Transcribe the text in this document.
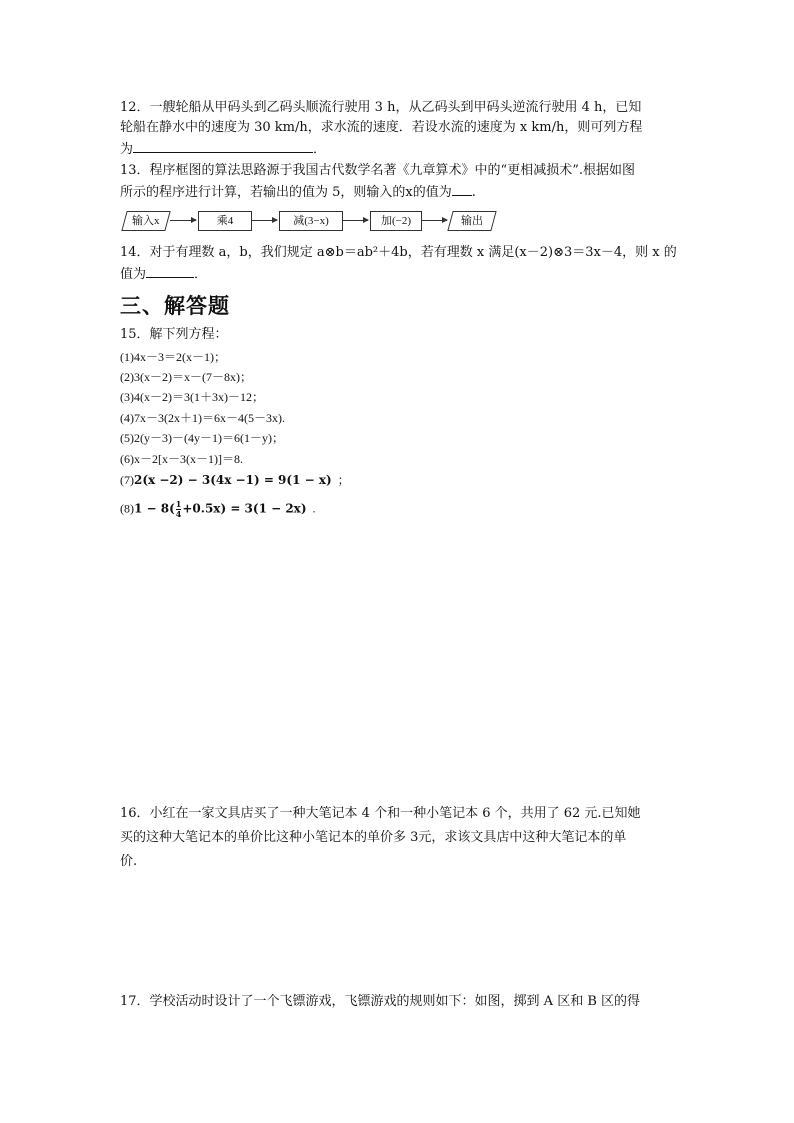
12．一艘轮船从甲码头到乙码头顺流行驶用 3 h，从乙码头到甲码头逆流行驶用 4 h，已知
轮船在静水中的速度为 30 km/h，求水流的速度．若设水流的速度为 x km/h，则可列方程
为	．
13．程序框图的算法思路源于我国古代数学名著《九章算术》中的“更相减损术”.根据如图
所示的程序进行计算，若输出的值为 5，则输入的x的值为 .
输入x	乘4	减(3−x)	加(−2)	输出
14．对于有理数 a，b，我们规定 a⊗b＝ab²＋4b，若有理数 x 满足(x－2)⊗3＝3x－4，则 x 的
值为	．
三、解答题
15．解下列方程：
(1)4x－3＝2(x－1)；
(2)3(x－2)＝x－(7－8x)；
(3)4(x－2)＝3(1＋3x)－12；
(4)7x－3(2x＋1)＝6x－4(5－3x).
(5)2(y－3)－(4y－1)＝6(1－y)；
(6)x－2[x－3(x－1)]＝8.
(7)2(x −2) − 3(4x −1) = 9(1 − x) ；
$(8)1 - 8( \frac{1}{4} +0.5x) = 3(1 - 2x)$ .
16．小红在一家文具店买了一种大笔记本 4 个和一种小笔记本 6 个，共用了 62 元.已知她
买的这种大笔记本的单价比这种小笔记本的单价多 3元，求该文具店中这种大笔记本的单
价.
17．学校活动时设计了一个飞镖游戏，飞镖游戏的规则如下：如图，掷到 A 区和 B 区的得
